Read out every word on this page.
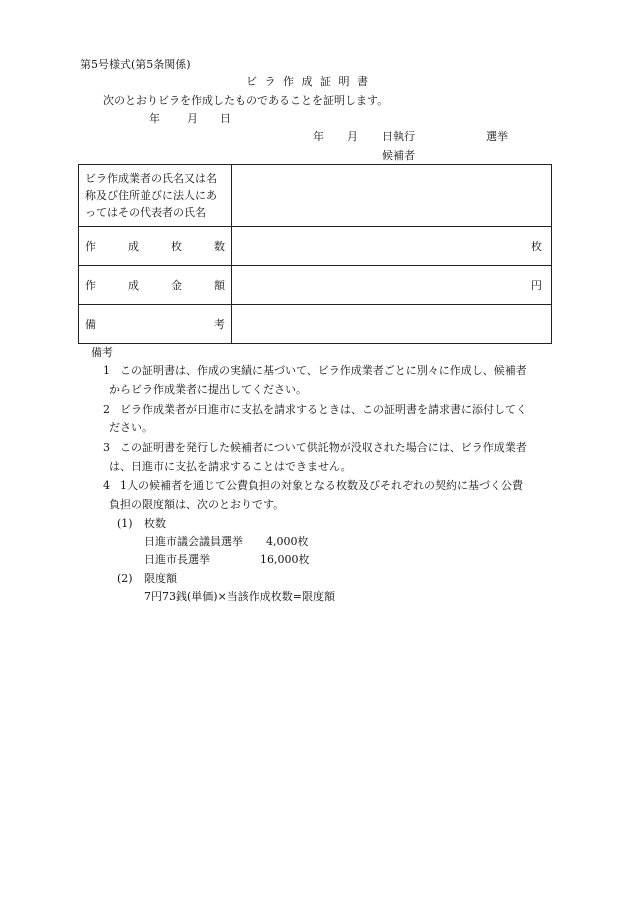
第5号様式(第5条関係)
ビ ラ 作 成 証 明 書
次のとおりビラを作成したものであることを証明します。
年 月 日
年 月 日執行	選挙
候補者
ビラ作成業者の氏名又は名
称及び住所並びに法人にあ
ってはその代表者の氏名	

作 成 枚 数	枚

作 成 金 額	円

備 考	

備考
1 この証明書は、作成の実績に基づいて、ビラ作成業者ごとに別々に作成し、候補者
からビラ作成業者に提出してください。
2 ビラ作成業者が日進市に支払を請求するときは、この証明書を請求書に添付してく
ださい。
3 この証明書を発行した候補者について供託物が没収された場合には、ビラ作成業者
は、日進市に支払を請求することはできません。
4 1人の候補者を通じて公費負担の対象となる枚数及びそれぞれの契約に基づく公費
負担の限度額は、次のとおりです。
(1) 枚数
日進市議会議員選挙 4,000枚
日進市長選挙	16,000枚
(2) 限度額
7円73銭(単価)×当該作成枚数=限度額
